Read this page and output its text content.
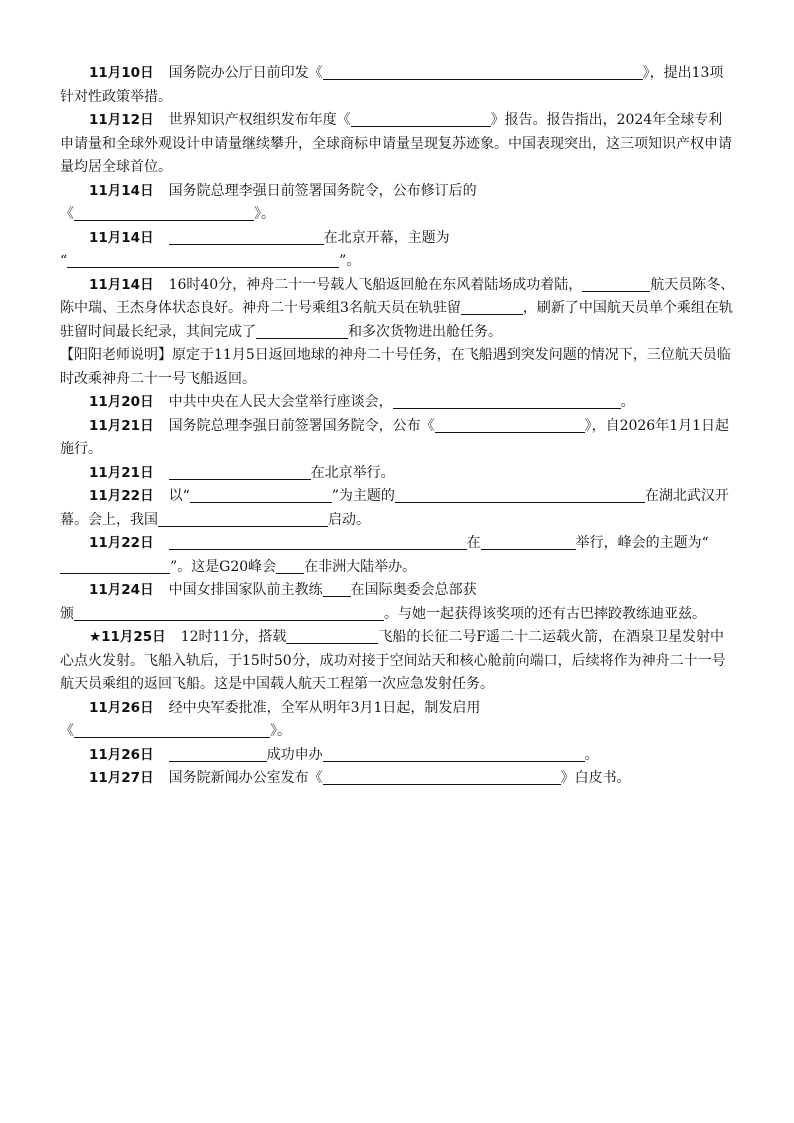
11月10日 国务院办公厅日前印发《	》，提出13项针对性政策举措。

11月12日 世界知识产权组织发布年度《	》报告。报告指出，2024年全球专利申请量和全球外观设计申请量继续攀升，全球商标申请量呈现复苏迹象。中国表现突出，这三项知识产权申请量均居全球首位。

11月14日 国务院总理李强日前签署国务院令，公布修订后的

《	》。

11月14日	在北京开幕，主题为

“	”。

11月14日 16时40分，神舟二十一号载人飞船返回舱在东风着陆场成功着陆，	航天员陈冬、陈中瑞、王杰身体状态良好。神舟二十号乘组3名航天员在轨驻留	，刷新了中国航天员单个乘组在轨驻留时间最长纪录，其间完成了	和多次货物进出舱任务。

【阳阳老师说明】原定于11月5日返回地球的神舟二十号任务，在飞船遇到突发问题的情况下，三位航天员临时改乘神舟二十一号飞船返回。

11月20日 中共中央在人民大会堂举行座谈会，	。

11月21日 国务院总理李强日前签署国务院令，公布《	》，自2026年1月1日起施行。

11月21日	在北京举行。

11月22日 以“	”为主题的	在湖北武汉开幕。会上，我国	启动。

11月22日	在	举行，峰会的主题为“”。这是G20峰会 在非洲大陆举办。

11月24日 中国女排国家队前主教练 在国际奥委会总部获

颁	。与她一起获得该奖项的还有古巴摔跤教练迪亚兹。

★11月25日 12时11分，搭载	飞船的长征二号F遥二十二运载火箭，在酒泉卫星发射中心点火发射。飞船入轨后，于15时50分，成功对接于空间站天和核心舱前向端口，后续将作为神舟二十一号航天员乘组的返回飞船。这是中国载人航天工程第一次应急发射任务。

11月26日 经中央军委批准，全军从明年3月1日起，制发启用

《	》。

11月26日	成功申办	。

11月27日 国务院新闻办公室发布《	》白皮书。
